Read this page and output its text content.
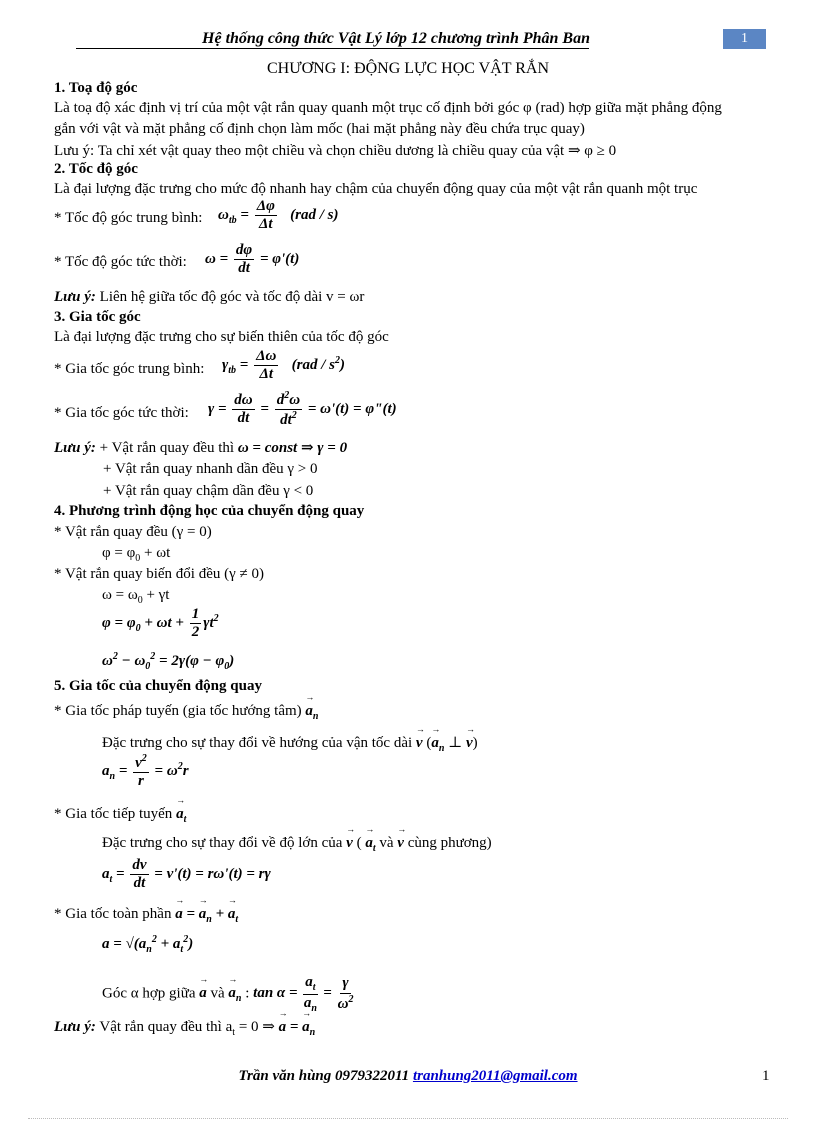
Hệ thống công thức Vật Lý lớp 12 chương trình Phân Ban	1
CHƯƠNG I: ĐỘNG LỰC HỌC VẬT RẮN
1. Toạ độ góc
Là toạ độ xác định vị trí của một vật rắn quay quanh một trục cố định bởi góc φ (rad) hợp giữa mặt phẳng động
gắn với vật và mặt phẳng cố định chọn làm mốc (hai mặt phẳng này đều chứa trục quay)
Lưu ý: Ta chỉ xét vật quay theo một chiều và chọn chiều dương là chiều quay của vật ⇒ φ ≥ 0
2. Tốc độ góc
Là đại lượng đặc trưng cho mức độ nhanh hay chậm của chuyển động quay của một vật rắn quanh một trục
* Tốc độ góc trung bình: $\omega_{tb} = \frac{\Delta\varphi}{\Delta t} (rad / s)$
* Tốc độ góc tức thời: $\omega = \frac{d\varphi}{dt} = \varphi'(t)$
Lưu ý: Liên hệ giữa tốc độ góc và tốc độ dài v = ωr
3. Gia tốc góc
Là đại lượng đặc trưng cho sự biến thiên của tốc độ góc
* Gia tốc góc trung bình: $\gamma_{tb} = \frac{\Delta\omega}{\Delta t} (rad / s^2)$
* Gia tốc góc tức thời: $\gamma = \frac{d\omega}{dt} = \frac{d^2\omega}{dt^2} = \omega'(t)$ = φ"(t)
Lưu ý: + Vật rắn quay đều thì ω = const ⇒ γ = 0
+ Vật rắn quay nhanh dần đều γ > 0
+ Vật rắn quay chậm dần đều γ < 0
4. Phương trình động học của chuyển động quay
* Vật rắn quay đều (γ = 0)
$\varphi = \varphi_0 + \omega t$
* Vật rắn quay biến đổi đều (γ ≠ 0)
$\omega = \omega_0 + \gamma t$
$\varphi = \varphi_0 + \omega t + \frac{1}{2} \gamma t^2$
$\omega^2 - \omega_0^2 = 2\gamma(\varphi - \varphi_0)$
5. Gia tốc của chuyển động quay
* Gia tốc pháp tuyến (gia tốc hướng tâm) → $a_n$
Đặc trưng cho sự thay đổi về hướng của vận tốc dài → v (→ $a_n$ ⊥ → v)
$a_n = \frac{v^2}{r} = \omega^2r$
* Gia tốc tiếp tuyến → $a_t$
Đặc trưng cho sự thay đổi về độ lớn của → v ( → $a_t$ và → v cùng phương)
$a_t = \frac{dv}{dt} = v'(t) = r\omega'(t) = r\gamma$
* Gia tốc toàn phần → a = → $a_n$ + → $a_t$
$a = √(a_n^2 + a_t^2)$
Góc α hợp giữa → a và → $a_n$ : $\tan \alpha = \frac{a_t}{a_n} = \frac{\gamma}{\omega^2}$
Lưu ý: Vật rắn quay đều thì $a_t = 0$ ⇒ → a = → $a_n$
Trần văn hùng 0979322011 tranhung2011@gmail.com	1
